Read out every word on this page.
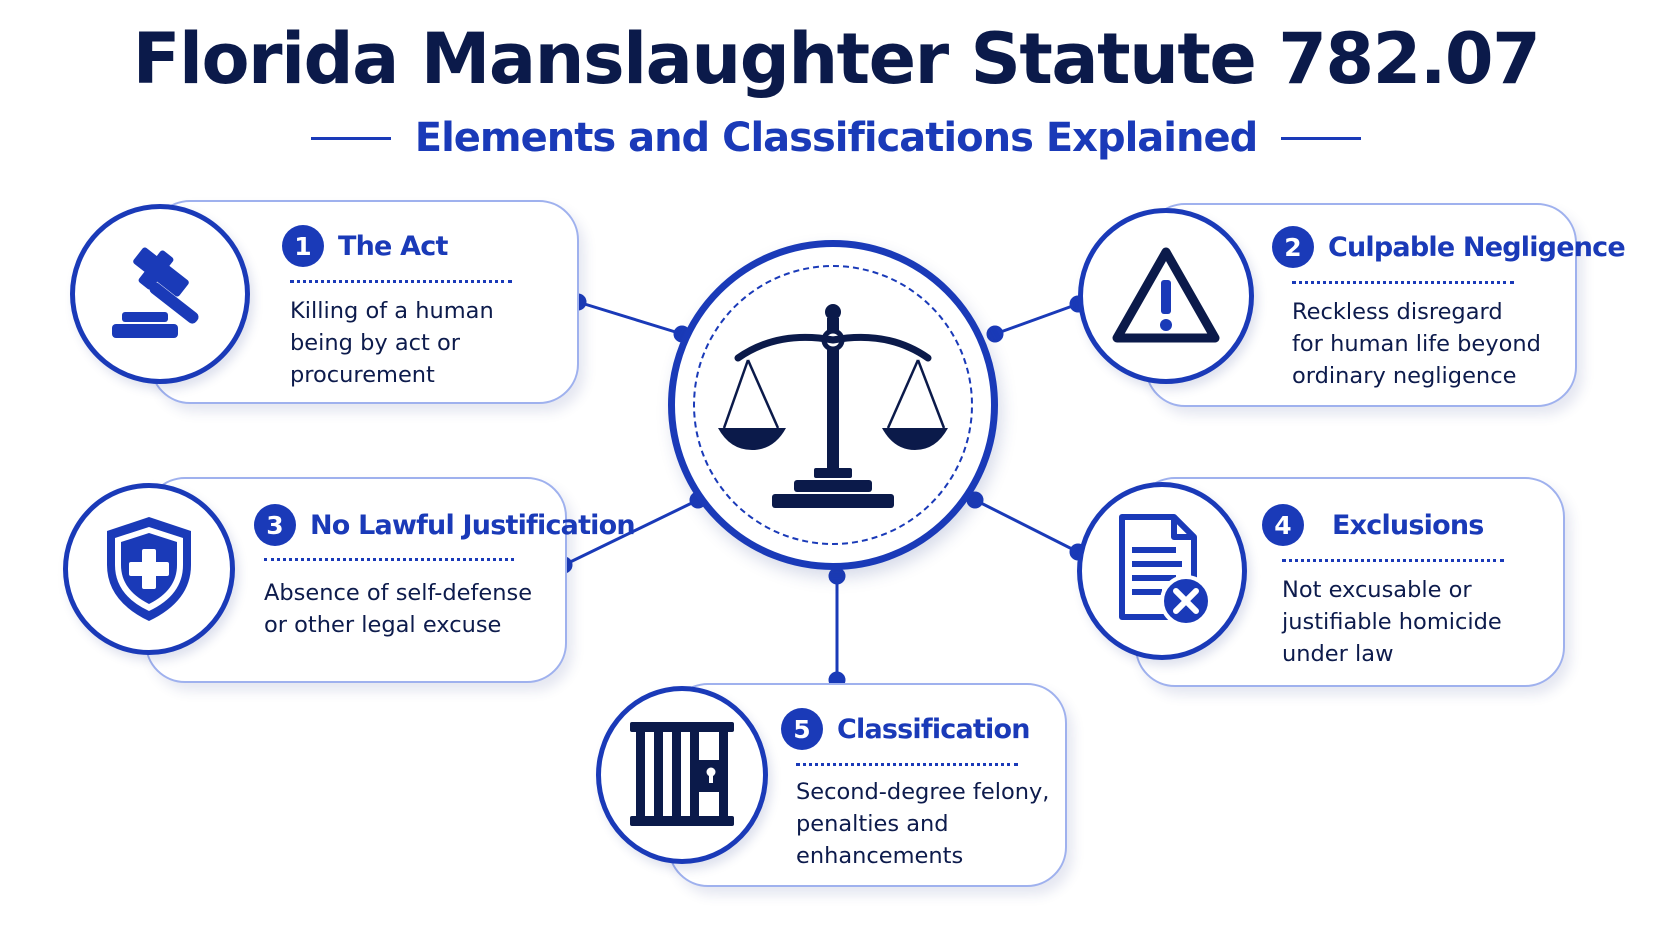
Florida Manslaughter Statute 782.07
Elements and Classifications Explained
1 The Act

Killing of a human
being by act or
procurement

2 Culpable Negligence

Reckless disregard
for human life beyond
ordinary negligence

3 No Lawful Justification

Absence of self-defense
or other legal excuse

4	Exclusions

Not excusable or
justifiable homicide
under law

5 Classification

Second-degree felony,
penalties and
enhancements
